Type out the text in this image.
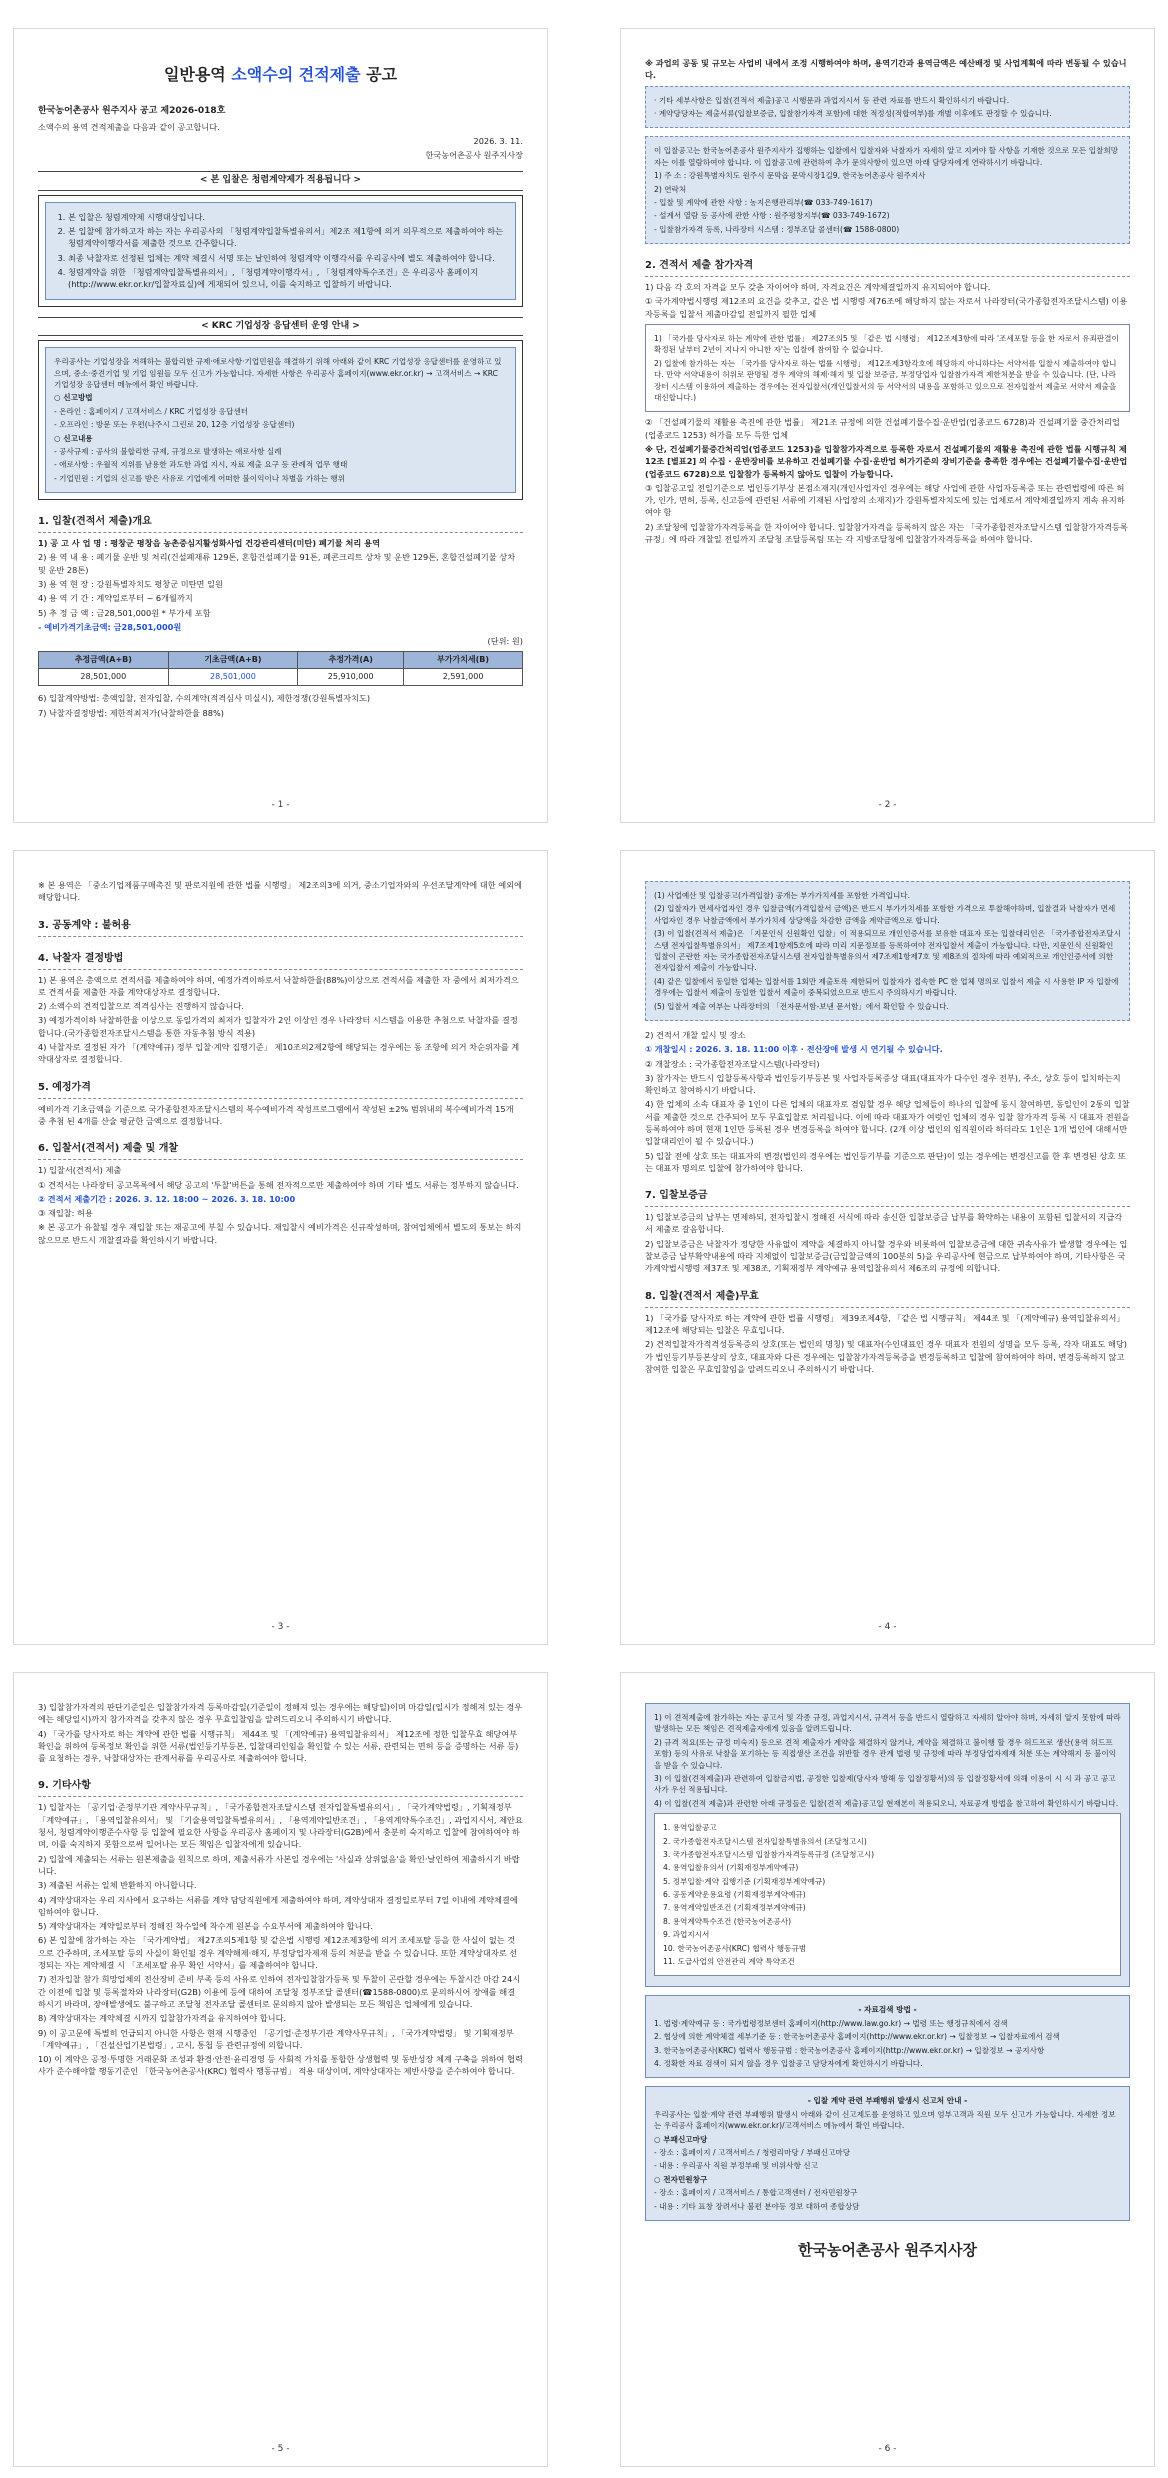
일반용역 소액수의 견적제출 공고

한국농어촌공사 원주지사 공고 제2026-018호

소액수의 용역 견적제출을 다음과 같이 공고합니다.

2026. 3. 11.

한국농어촌공사 원주지사장

< 본 입찰은 청렴계약제가 적용됩니다 >
1. 본 입찰은 청렴계약제 시행대상입니다.
2. 본 입찰에 참가하고자 하는 자는 우리공사의 「청렴계약입찰특별유의서」제2조 제1항에 의거 의무적으로 제출하여야 하는 청렴계약이행각서를 제출한 것으로 간주합니다.
3. 최종 낙찰자로 선정된 업체는 계약 체결시 서명 또는 날인하여 청렴계약 이행각서를 우리공사에 별도 제출하여야 합니다.
4. 청렴계약을 위한 「청렴계약입찰특별유의서」, 「청렴계약이행각서」, 「청렴계약특수조건」은 우리공사 홈페이지(http://www.ekr.or.kr/입찰자료실)에 게재되어 있으니, 이를 숙지하고 입찰하기 바랍니다.
< KRC 기업성장 응답센터 운영 안내 >

우리공사는 기업성장을 저해하는 불합리한 규제·애로사항·기업민원을 해결하기 위해 아래와 같이 KRC 기업성장 응답센터를 운영하고 있으며, 중소·중견기업 및 기업 임원들 모두 신고가 가능합니다. 자세한 사항은 우리공사 홈페이지(www.ekr.or.kr) → 고객서비스 → KRC 기업성장 응답센터 메뉴에서 확인 바랍니다.

○ 신고방법

- 온라인 : 홈페이지 / 고객서비스 / KRC 기업성장 응답센터

- 오프라인 : 방문 또는 우편(나주시 그린로 20, 12층 기업성장 응답센터)

○ 신고내용

- 공사규제 : 공사의 불합리한 규제, 규정으로 발생하는 애로사항 실례

- 애로사항 : 우월적 지위를 남용한 과도한 과업 지시, 자료 제출 요구 등 관례적 업무 행태

- 기업민원 : 기업의 신고를 받은 사유로 기업에게 어떠한 불이익이나 차별을 가하는 행위

1. 입찰(견적서 제출)개요

1) 공 고 사 업 명 : 평창군 평창읍 농촌중심지활성화사업 건강관리센터(미탄) 폐기물 처리 용역

2) 용 역 내 용 : 폐기물 운반 및 처리(건설폐재류 129톤, 혼합건설폐기물 91톤, 폐콘크리트 상차 및 운반 129톤, 혼합건설폐기물 상차 및 운반 28톤)

3) 용 역 현 장 : 강원특별자치도 평창군 미탄면 일원

4) 용 역 기 간 : 계약일로부터 ~ 6개월까지

5) 추 정 금 액 : 금28,501,000원 * 부가세 포함

- 예비가격기초금액: 금28,501,000원

(단위: 원)

추정금액(A+B)	기초금액(A+B)	추정가격(A)	부가가치세(B)
28,501,000	28,501,000	25,910,000	2,591,000

6) 입찰계약방법: 총액입찰, 전자입찰, 수의계약(적격심사 미실시), 제한경쟁(강원특별자치도)

7) 낙찰자결정방법: 제한적최저가(낙찰하한율 88%)

- 1 -

※ 과업의 공동 및 규모는 사업비 내에서 조정 시행하여야 하며, 용역기간과 용역금액은 예산배정 및 사업계획에 따라 변동될 수 있습니다.

· 기타 세부사항은 입찰(견적서 제출)공고 시행문과 과업지시서 등 관련 자료를 반드시 확인하시기 바랍니다.

· 계약당당자는 제출서류(입찰보증금, 입찰참가자격 포함)에 대한 적정성(적합여부)를 개별 이후에도 판정할 수 있습니다.

이 입찰공고는 한국농어촌공사 원주지사가 집행하는 입찰에서 입찰자와 낙찰자가 자세히 알고 지켜야 할 사항을 기재한 것으로 모든 입찰희망자는 이를 열람하여야 합니다. 이 입찰공고에 관련하여 추가 문의사항이 있으면 아래 담당자에게 연락하시기 바랍니다.

1) 주 소 : 강원특별자치도 원주시 문막읍 문막시장1길9, 한국농어촌공사 원주지사

2) 연락처

- 입찰 및 계약에 관한 사항 : 농지은행관리부(☎ 033-749-1617)

- 설계서 열람 등 공사에 관한 사항 : 원주평창지부(☎ 033-749-1672)

- 입찰참가자격 등록, 나라장터 시스템 : 정부조달 콜센터(☎ 1588-0800)

2. 견적서 제출 참가자격

1) 다음 각 호의 자격을 모두 갖춘 자이어야 하며, 자격요건은 계약체결일까지 유지되어야 합니다.

① 국가계약법시행령 제12조의 요건을 갖추고, 같은 법 시행령 제76조에 해당하지 않는 자로서 나라장터(국가종합전자조달시스템) 이용자등록을 입찰서 제출마감일 전일까지 필한 업체

1) 「국가를 당사자로 하는 계약에 관한 법률」 제27조의5 및 「같은 법 시행령」 제12조제3항에 따라 '조세포탈 등을 한 자로서 유죄판결이 확정된 날부터 2년이 지나지 아니한 자'는 입찰에 참여할 수 없습니다.

2) 입찰에 참가하는 자는 「국가를 당사자로 하는 법률 시행령」 제12조제3항각호에 해당하지 아니하다는 서약서를 입찰시 제출하여야 합니다. 만약 서약내용이 허위로 판명될 경우 계약의 해제·해지 및 입찰 보증금, 부정당업자 입찰참가자격 제한처분을 받을 수 있습니다. (단, 나라장터 시스템 이용하여 제출하는 경우에는 전자입찰서(개인입찰서의 등 서약서의 내용을 포함하고 있으므로 전자입찰서 제출로 서약서 제출을 대신합니다.)

② 「건설폐기물의 재활용 촉진에 관한 법률」 제21조 규정에 의한 건설폐기물수집·운반업(업종코드 6728)과 건설폐기물 중간처리업(업종코드 1253) 허가를 모두 득한 업체

※ 단, 건설폐기물중간처리업(업종코드 1253)을 입찰참가자격으로 등록한 자로서 건설폐기물의 재활용 촉진에 관한 법률 시행규칙 제12조 [별표2] 의 수집 · 운반장비를 보유하고 건설폐기물 수집·운반업 허가기준의 장비기준을 충족한 경우에는 건설폐기물수집·운반업(업종코드 6728)으로 입찰참가 등록하지 않아도 입찰이 가능합니다.

③ 입찰공고일 전일기준으로 법인등기부상 본점소재지(개인사업자인 경우에는 해당 사업에 관한 사업자등록증 또는 관련법령에 따른 허가, 인가, 면허, 등록, 신고등에 관련된 서류에 기재된 사업장의 소재지)가 강원특별자치도에 있는 업체로서 계약체결일까지 계속 유지하여야 함

2) 조달청에 입찰참가자격등록을 한 자이어야 합니다. 입찰참가자격을 등록하지 않은 자는 「국가종합전자조달시스템 입찰참가자격등록규정」에 따라 개찰일 전일까지 조달청 조달등록팀 또는 각 지방조달청에 입찰참가자격등록을 하여야 합니다.

- 2 -

※ 본 용역은 「중소기업제품구매촉진 및 판로지원에 관한 법률 시행령」 제2조의3에 의거, 중소기업자와의 우선조달계약에 대한 예외에 해당합니다.

3. 공동계약 : 불허용
4. 낙찰자 결정방법

1) 본 용역은 총액으로 견적서를 제출하여야 하며, 예정가격이하로서 낙찰하한율(88%)이상으로 견적서를 제출한 자 중에서 최저가격으로 견적서를 제출한 자를 계약대상자로 결정합니다.

2) 소액수의 견적입찰으로 적격심사는 진행하지 않습니다.

3) 예정가격이하 낙찰하한율 이상으로 동일가격의 최저가 입찰자가 2인 이상인 경우 나라장터 시스템을 이용한 추첨으로 낙찰자를 결정합니다.(국가종합전자조달시스템을 통한 자동추첨 방식 적용)

4) 낙찰자로 결정된 자가 「(계약예규) 정부 입찰·계약 집행기준」 제10조의2제2항에 해당되는 경우에는 동 조항에 의거 차순위자를 계약대상자로 결정합니다.

5. 예정가격

예비가격 기초금액을 기준으로 국가종합전자조달시스템의 복수예비가격 작성프로그램에서 작성된 ±2% 범위내의 복수예비가격 15개 중 추첨 된 4개를 산술 평균한 금액으로 결정합니다.

6. 입찰서(견적서) 제출 및 개찰

1) 입찰서(견적서) 제출

① 견적서는 나라장터 공고목록에서 해당 공고의 '투찰'버튼을 통해 전자적으로만 제출하여야 하며 기타 별도 서류는 정부하지 않습니다.

② 견적서 제출기간 : 2026. 3. 12. 18:00 ~ 2026. 3. 18. 10:00

③ 재입찰: 허용

※ 본 공고가 유찰될 경우 재입찰 또는 재공고에 부칠 수 있습니다. 재입찰시 예비가격은 신규작성하며, 참여업체에서 별도의 통보는 하지 않으므로 반드시 개찰결과를 확인하시기 바랍니다.

- 3 -

(1) 사업예산 및 입찰공고(가격입찰) 공개는 부가가치세를 포함한 가격입니다.

(2) 입찰자가 면세사업자인 경우 입찰금액(가격입찰서 금액)은 반드시 부가가치세를 포함한 가격으로 투찰해야하며, 입찰결과 낙찰자가 면세사업자인 경우 낙찰금액에서 부가가치세 상당액을 차감한 금액을 계약금액으로 합니다.

(3) 이 입찰(견적서 제출)은 「지문인식 신원확인 입찰」이 적용되므로 개인인증서를 보유한 대표자 또는 입찰대리인은 「국가종합전자조달시스템 전자입찰특별유의서」 제7조제1항제5호에 따라 미리 지문정보를 등록하여야 전자입찰서 제출이 가능합니다. 다만, 지문인식 신원확인 입찰이 곤란한 자는 국가종합전자조달시스템 전자입찰특별유의서 제7조제1항제7호 및 제8조의 절차에 따라 예외적으로 개인인증서에 의한 전자입찰서 제출이 가능합니다.

(4) 같은 입찰에서 동일한 업체는 입찰서를 1회만 제출토록 제한되어 입찰자가 접속한 PC 한 업체 명의로 입찰서 제출 시 사용한 IP 자 입찰에 경우에는 입찰서 제출이 동일한 입찰서 제출이 중복되었으므로 반드시 주의하시기 바랍니다.

(5) 입찰서 제출 여부는 나라장터의 「전자문서함-보낸 문서함」에서 확인할 수 있습니다.

2) 견적서 개찰 일시 및 장소

① 개찰일시 : 2026. 3. 18. 11:00 이후 · 전산장애 발생 시 연기될 수 있습니다.

② 개찰장소 : 국가종합전자조달시스템(나라장터)

3) 참가자는 반드시 입찰등록사항과 법인등기부등본 및 사업자등록증상 대표(대표자가 다수인 경우 전부), 주소, 상호 등이 일치하는지 확인하고 참여하시기 바랍니다.

4) 한 업체의 소속 대표자 중 1인이 다른 업체의 대표자로 겸임할 경우 해당 업체들이 하나의 입찰에 동시 참여하면, 동일인이 2통의 입찰서를 제출한 것으로 간주되어 모두 무효입찰로 처리됩니다. 이에 따라 대표자가 여럿인 업체의 경우 입찰 참가자격 등록 시 대표자 전원을 등록하여야 하며 현재 1인만 등록된 경우 변경등록을 하여야 합니다. (2개 이상 법인의 임직원이라 하더라도 1인은 1개 법인에 대해서만 입찰대리인이 될 수 있습니다.)

5) 입찰 전에 상호 또는 대표자의 변경(법인의 경우에는 법인등기부를 기준으로 판단)이 있는 경우에는 변경신고를 한 후 변경된 상호 또는 대표자 명의로 입찰에 참가하여야 합니다.

7. 입찰보증금

1) 입찰보증금의 납부는 면제하되, 전자입찰시 정해진 서식에 따라 송신한 입찰보증금 납부를 확약하는 내용이 포함된 입찰서의 지급각서 제출로 갈음합니다.

2) 입찰보증금은 낙찰자가 정당한 사유없이 계약을 체결하지 아니할 경우와 비롯하여 입찰보증금에 대한 귀속사유가 발생할 경우에는 입찰보증금 납부확약내용에 따라 지체없이 입찰보증금(금입찰금액의 100분의 5)을 우리공사에 현금으로 납부하여야 하며, 기타사항은 국가계약법시행령 제37조 및 제38조, 기획재정부 계약예규 용역입찰유의서 제6조의 규정에 의합니다.

8. 입찰(견적서 제출)무효

1) 「국가를 당사자로 하는 계약에 관한 법률 시행령」 제39조제4항, 「같은 법 시행규칙」 제44조 및 「(계약예규) 용역입찰유의서」 제12조에 해당되는 입찰은 무효입니다.

2) 견적입찰자가적격성등록증의 상호(또는 법인의 명칭) 및 대표자(수인대표인 경우 대표자 전원의 성명을 모두 등록, 각자 대표도 해당)가 법인등기부등본상의 상호, 대표자와 다른 경우에는 입찰참가자격등록증을 변경등록하고 입찰에 참여하여야 하며, 변경등록하지 않고 참여한 입찰은 무효입찰임을 알려드리오니 주의하시기 바랍니다.

- 4 -

3) 입찰참가자격의 판단기준일은 입찰참가자격 등록마감일(기준일이 정해져 있는 경우에는 해당일)이며 마감일(일시가 정해져 있는 경우에는 해당일시)까지 참가자격을 갖추지 않은 경우 무효입찰임을 알려드리오니 주의하시기 바랍니다.

4) 「국가를 당사자로 하는 계약에 관한 법률 시행규칙」 제44조 및 「(계약예규) 용역입찰유의서」 제12조에 정한 입찰무효 해당여부 확인을 위하여 등록정보 확인을 위한 서류(법인등기부등본, 입찰대리인임을 확인할 수 있는 서류, 관련되는 면허 등을 증명하는 서류 등)를 요청하는 경우, 낙찰대상자는 관계서류를 우리공사로 제출하여야 합니다.

9. 기타사항

1) 입찰자는 「공기업·준정부기관 계약사무규칙」, 「국가종합전자조달시스템 전자입찰특별유의서」, 「국가계약법령」, 기획재정부 「계약예규」, 「용역입찰유의서」 및 「기술용역입찰특별유의서」, 「용역계약일반조건」, 「용역계약특수조건」, 과업지시서, 제안요청서, 청렴계약이행준수사항 등 입찰에 필요한 사항을 우리공사 홈페이지 및 나라장터(G2B)에서 충분히 숙지하고 입찰에 참여하여야 하며, 이를 숙지하지 못함으로써 일어나는 모든 책임은 입찰자에게 있습니다.

2) 입찰에 제출되는 서류는 원본제출을 원칙으로 하며, 제출서류가 사본일 경우에는 '사실과 상위없음'을 확인·날인하여 제출하시기 바랍니다.

3) 제출된 서류는 일체 반환하지 아니합니다.

4) 계약상대자는 우리 지사에서 요구하는 서류를 계약 담당직원에게 제출하여야 하며, 계약상대자 결정일로부터 7일 이내에 계약체결에 임하여야 합니다.

5) 계약상대자는 계약일로부터 정해진 착수일에 착수계 원본을 수요부서에 제출하여야 합니다.

6) 본 입찰에 참가하는 자는 「국가계약법」 제27조의5제1항 및 같은법 시행령 제12조제3항에 의거 조세포탈 등을 한 사실이 없는 것으로 간주하며, 조세포탈 등의 사실이 확인될 경우 계약해제·해지, 부정당업자제재 등의 처분을 받을 수 있습니다. 또한 계약상대자로 선정되는 자는 계약체결 시 「조세포탈 유무 확인 서약서」를 제출하여야 합니다.

7) 전자입찰 참가 희망업체의 전산장비 준비 부족 등의 사유로 인하여 전자입찰참가등록 및 투찰이 곤란할 경우에는 투찰시간 마감 24시간 이전에 입찰 및 등록절차와 나라장터(G2B) 이용에 등에 대하여 조달청 정부조달 콜센터(☎1588-0800)로 문의하시어 장애를 해결하시기 바라며, 장애발생에도 불구하고 조달청 전자조달 콜센터로 문의하지 않아 발생되는 모든 책임은 업체에게 있습니다.

8) 계약상대자는 계약체결 시까지 입찰참가자격을 유지하여야 합니다.

9) 이 공고문에 특별히 언급되지 아니한 사항은 현재 시행중인 「공기업·준정부기관 계약사무규칙」, 「국가계약법령」 및 기획재정부 「계약예규」, 「건설산업기본법령」, 고시, 통첩 등 관련규정에 의합니다.

10) 이 계약은 공정·투명한 거래문화 조성과 환경·안전·윤리경영 등 사회적 가치를 통합한 상생협력 및 동반성장 체계 구축을 위하여 협력사가 준수해야할 행동기준인 「한국농어촌공사(KRC) 협력사 행동규범」 적용 대상이며, 계약상대자는 제반사항을 준수하여야 합니다.

- 5 -

1) 이 견적제출에 참가하는 자는 공고서 및 각종 규정, 과업지시서, 규격서 등을 반드시 열람하고 자세히 알아야 하며, 자세히 알지 못함에 따라 발생하는 모든 책임은 견적제출자에게 있음을 알려드립니다.

2) 규격 적요(또는 규정 미숙지) 등으로 견적 제출자가 계약을 체결하지 않거나, 계약을 체결하고 불이행 할 경우 허드프로 생산(용역 허드프 포함) 등의 사유로 낙찰을 포기하는 등 직접생산 조건을 위반할 경우 관계 법령 및 규정에 따라 부정당업자제재 처분 또는 계약해지 등 불이익을 받을 수 있습니다.

3) 이 입찰(견적제출)과 관련하여 입찰금지법, 공정한 입찰제(당사자 방해 등 입찰정황서)의 등 입찰정황서에 의해 이용이 시 시 과 공고 공고사가 우선 적용됩니다.

4) 이 입찰(견적 제출)과 관련한 아래 규정들은 입찰(견적 제출)공고일 현재본이 적용되오니, 자료공개 방법을 참고하여 확인하시기 바랍니다.

1. 용역입찰공고

2. 국가종합전자조달시스템 전자입찰특별유의서 (조달청고시)

3. 국가종합전자조달시스템 입찰참가자격등록규정 (조달청고시)

4. 용역입찰유의서 (기획재정부계약예규)

5. 정부입찰·계약 집행기준 (기획재정부계약예규)

6. 공동계약운용요령 (기획재정부계약예규)

7. 용역계약일반조건 (기획재정부계약예규)

8. 용역계약특수조건 (한국농어촌공사)

9. 과업지시서

10. 한국농어촌공사(KRC) 협력사 행동규범

11. 도급사업의 안전관리 계약 특약조건

- 자료검색 방법 -

1. 법령·계약예규 등 : 국가법령정보센터 홈페이지(http://www.law.go.kr) → 법령 또는 행정규칙에서 검색

2. 협상에 의한 계약체결 세부기준 등 : 한국농어촌공사 홈페이지(http://www.ekr.or.kr) → 입찰정보 → 입찰자료에서 검색

3. 한국농어촌공사(KRC) 협력사 행동규범 : 한국농어촌공사 홈페이지(http://www.ekr.or.kr) → 입찰정보 → 공지사항

4. 정확한 자료 검색이 되지 않을 경우 입찰공고 담당자에게 확인하시기 바랍니다.

- 입찰 계약 관련 부패행위 발생시 신고처 안내 -

우리공사는 입찰·계약 관련 부패행위 발생시 아래와 같이 신고제도를 운영하고 있으며 엄부고객과 직원 모두 신고가 가능합니다. 자세한 정보는 우리공사 홈페이지(www.ekr.or.kr)/고객서비스 메뉴에서 확인 바랍니다.

○ 부패신고마당

- 장소 : 홈페이지 / 고객서비스 / 청렴리마당 / 부패신고마당

- 내용 : 우리공사 직원 부정부패 및 비위사항 신고

○ 전자민원창구

- 장소 : 홈페이지 / 고객서비스 / 통합고객센터 / 전자민원창구

- 내용 : 기타 표창 장려서나 불편 분야등 정보 대하여 종합상담

한국농어촌공사 원주지사장
- 6 -
